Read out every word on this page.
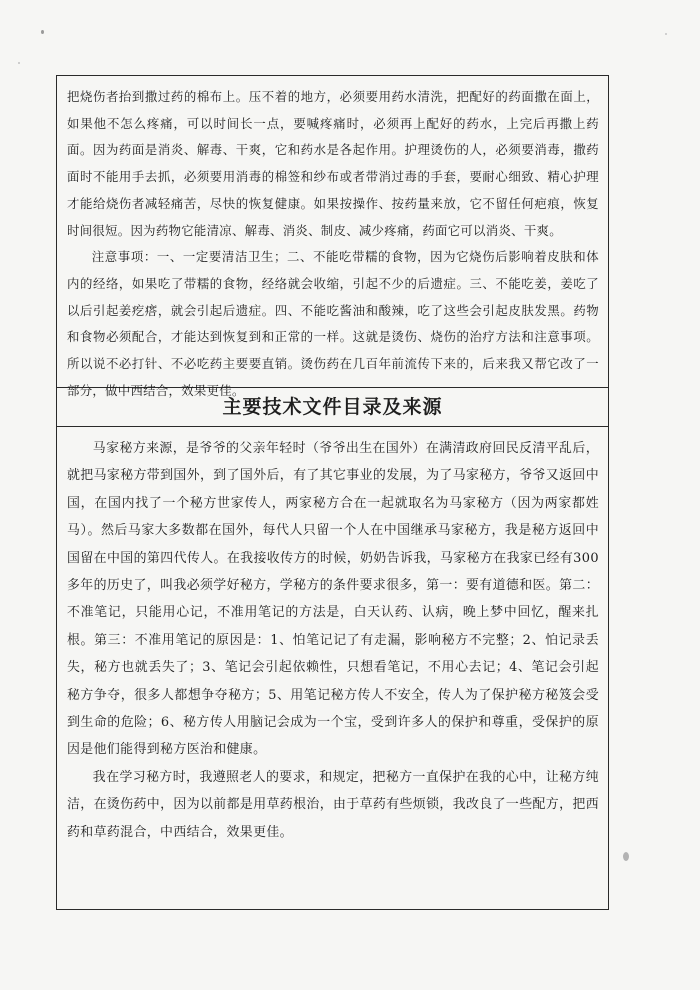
把烧伤者抬到撒过药的棉布上。压不着的地方，必须要用药水清洗，把配好的药面撒在面上，如果他不怎么疼痛，可以时间长一点，要喊疼痛时，必须再上配好的药水，上完后再撒上药面。因为药面是消炎、解毒、干爽，它和药水是各起作用。护理烫伤的人，必须要消毒，撒药面时不能用手去抓，必须要用消毒的棉签和纱布或者带消过毒的手套，要耐心细致、精心护理才能给烧伤者减轻痛苦，尽快的恢复健康。如果按操作、按药量来放，它不留任何疤痕，恢复时间很短。因为药物它能清凉、解毒、消炎、制皮、减少疼痛，药面它可以消炎、干爽。

注意事项：一、一定要清洁卫生；二、不能吃带糯的食物，因为它烧伤后影响着皮肤和体内的经络，如果吃了带糯的食物，经络就会收缩，引起不少的后遗症。三、不能吃姜，姜吃了以后引起姜疙瘩，就会引起后遗症。四、不能吃酱油和酸辣，吃了这些会引起皮肤发黑。药物和食物必须配合，才能达到恢复到和正常的一样。这就是烫伤、烧伤的治疗方法和注意事项。所以说不必打针、不必吃药主要要直销。烫伤药在几百年前流传下来的，后来我又帮它改了一部分，做中西结合，效果更佳。

主要技术文件目录及来源

马家秘方来源，是爷爷的父亲年轻时（爷爷出生在国外）在满清政府回民反清平乱后，就把马家秘方带到国外，到了国外后，有了其它事业的发展，为了马家秘方，爷爷又返回中国，在国内找了一个秘方世家传人，两家秘方合在一起就取名为马家秘方（因为两家都姓马）。然后马家大多数都在国外，每代人只留一个人在中国继承马家秘方，我是秘方返回中国留在中国的第四代传人。在我接收传方的时候，奶奶告诉我，马家秘方在我家已经有300多年的历史了，叫我必须学好秘方，学秘方的条件要求很多，第一：要有道德和医。第二：不准笔记，只能用心记，不准用笔记的方法是，白天认药、认病，晚上梦中回忆，醒来扎根。第三：不准用笔记的原因是：1、怕笔记记了有走漏，影响秘方不完整；2、怕记录丢失，秘方也就丢失了；3、笔记会引起依赖性，只想看笔记，不用心去记；4、笔记会引起秘方争夺，很多人都想争夺秘方；5、用笔记秘方传人不安全，传人为了保护秘方秘笈会受到生命的危险；6、秘方传人用脑记会成为一个宝，受到许多人的保护和尊重，受保护的原因是他们能得到秘方医治和健康。

我在学习秘方时，我遵照老人的要求，和规定，把秘方一直保护在我的心中，让秘方纯洁，在烫伤药中，因为以前都是用草药根治，由于草药有些烦锁，我改良了一些配方，把西药和草药混合，中西结合，效果更佳。
